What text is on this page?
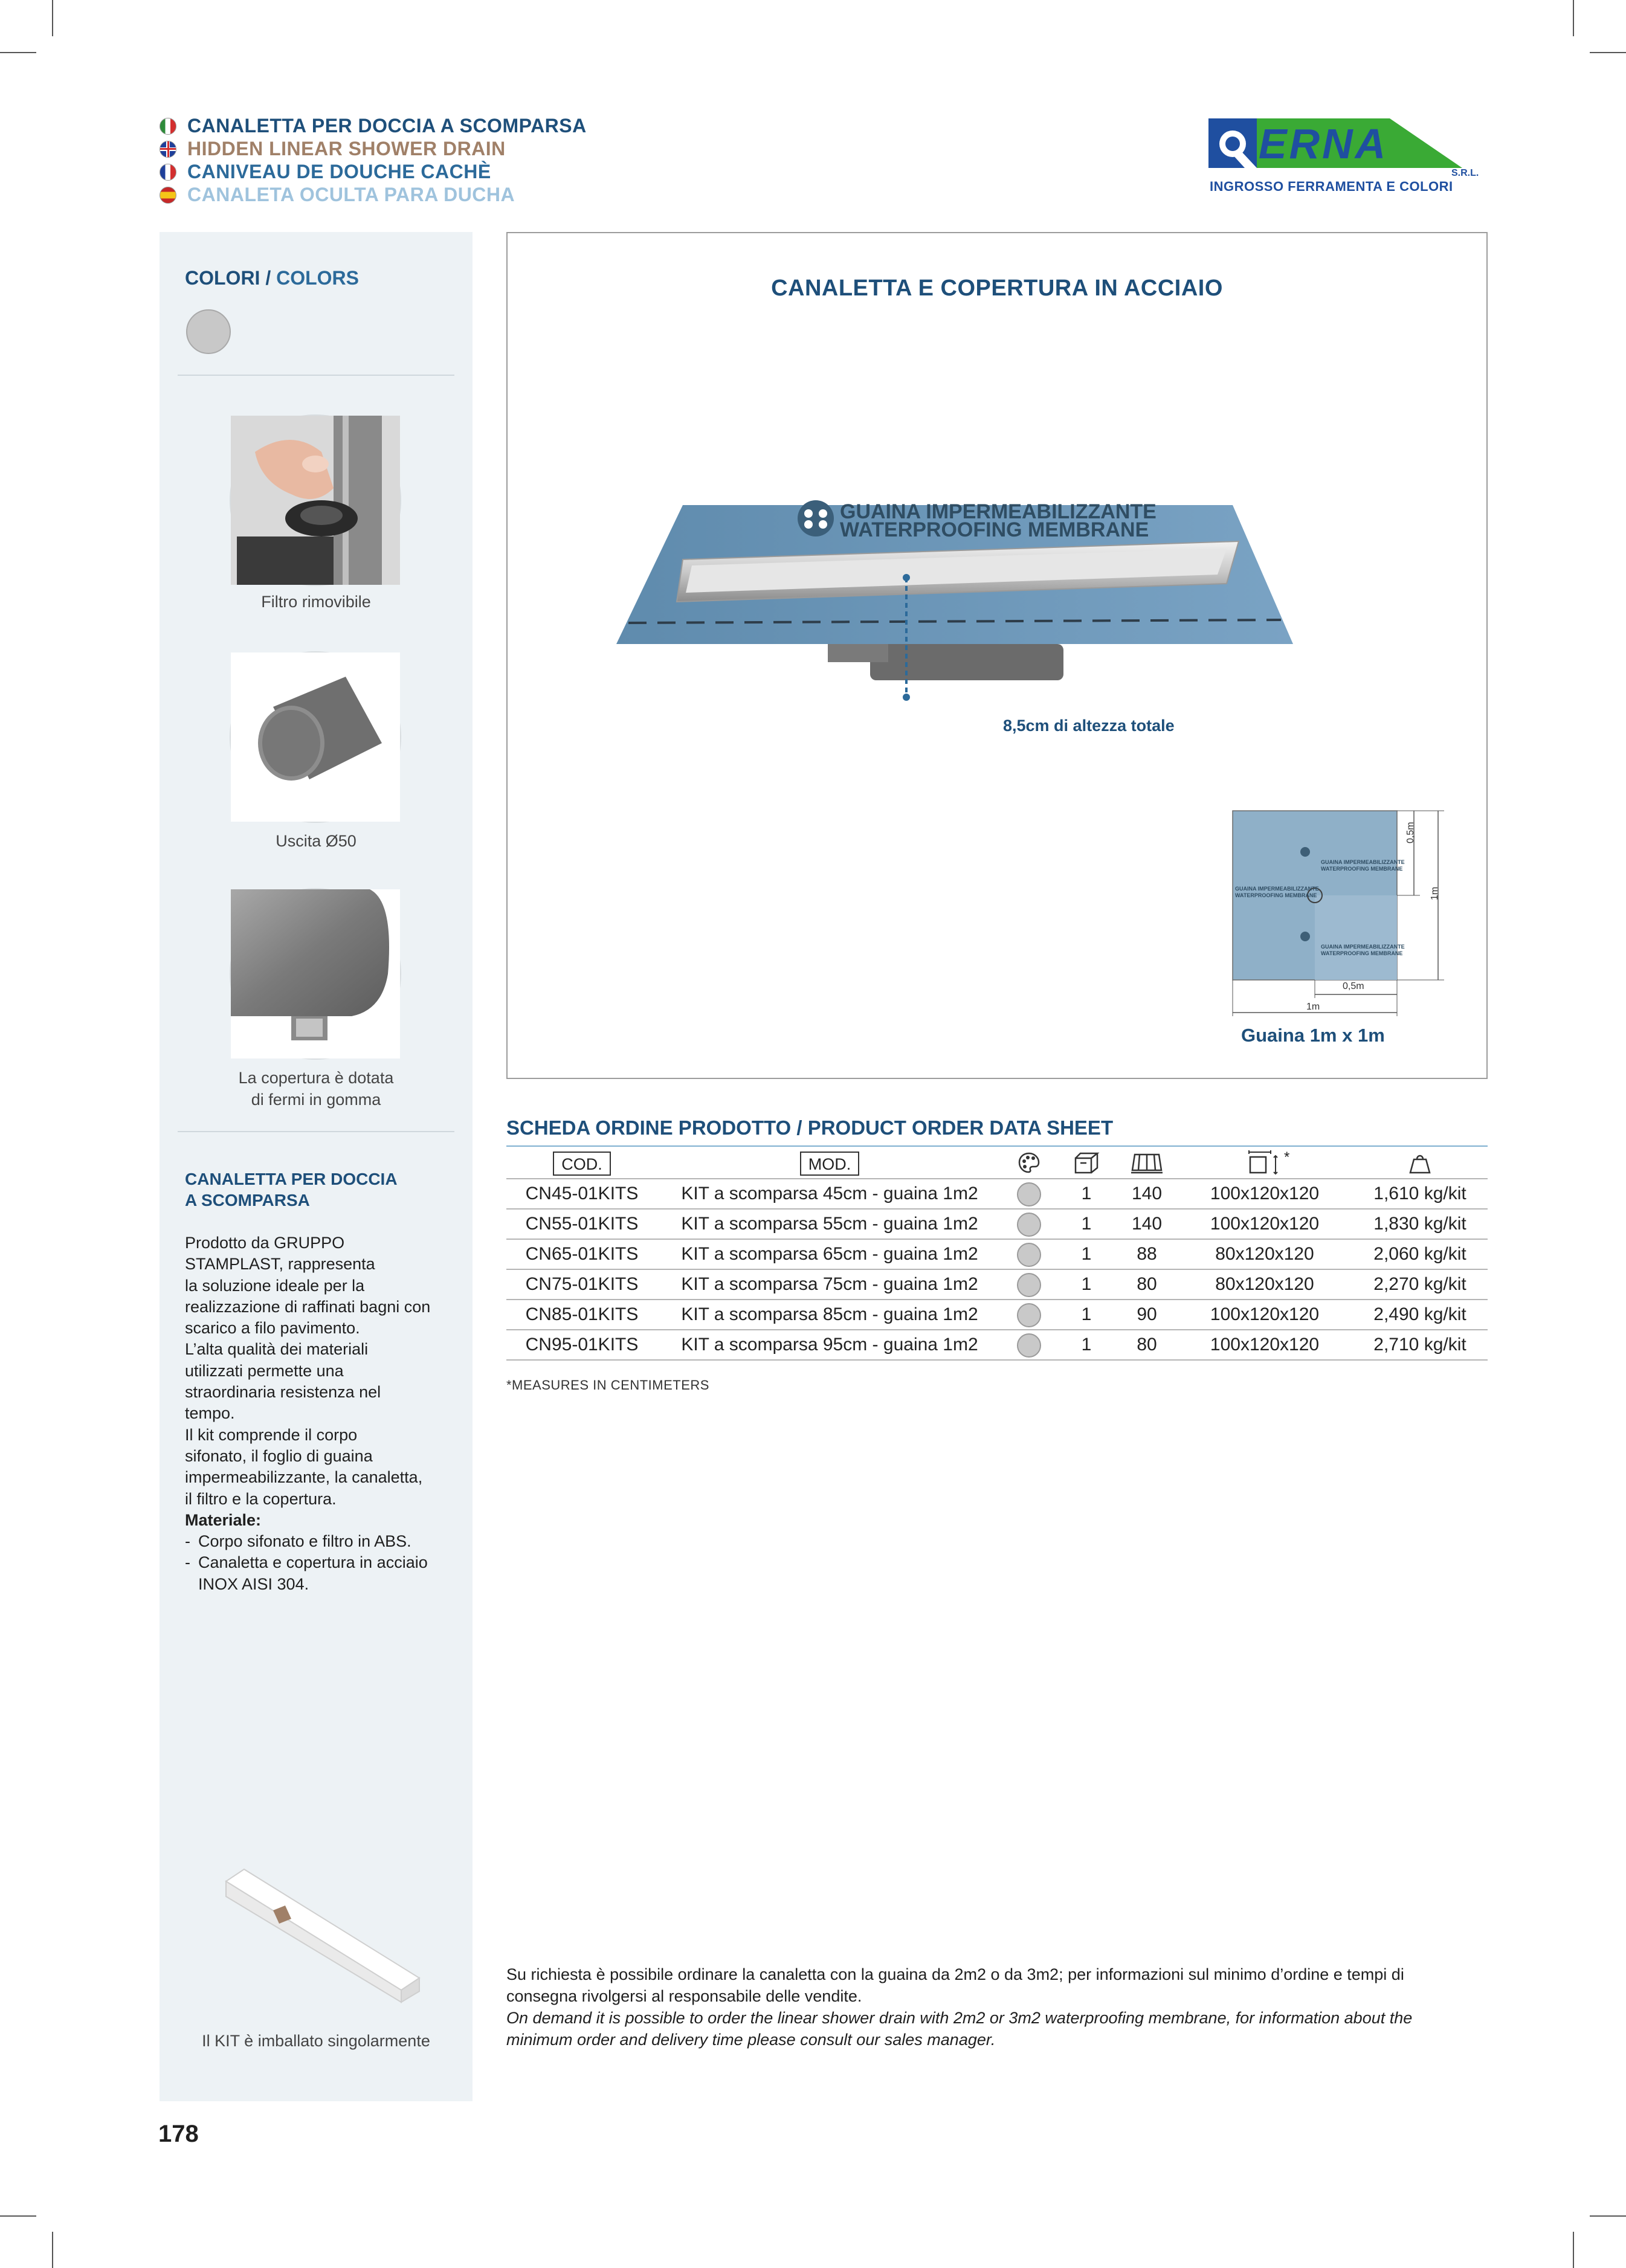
CANALETTA PER DOCCIA A SCOMPARSA
HIDDEN LINEAR SHOWER DRAIN
CANIVEAU DE DOUCHE CACHÈ
CANALETA OCULTA PARA DUCHA
ERNA
S.R.L.
INGROSSO FERRAMENTA E COLORI
COLORI / COLORS
Filtro rimovibile
Uscita Ø50
La copertura è dotata
di fermi in gomma
CANALETTA PER DOCCIA
A SCOMPARSA
Prodotto da GRUPPO
STAMPLAST, rappresenta
la soluzione ideale per la
realizzazione di raffinati bagni con
scarico a filo pavimento.
L’alta qualità dei materiali
utilizzati permette una
straordinaria resistenza nel
tempo.
Il kit comprende il corpo
sifonato, il foglio di guaina
impermeabilizzante, la canaletta,
il filtro e la copertura.
Materiale:
- Corpo sifonato e filtro in ABS.
- Canaletta e copertura in acciaio
INOX AISI 304.
Il KIT è imballato singolarmente
CANALETTA E COPERTURA IN ACCIAIO
GUAINA IMPERMEABILIZZANTE
WATERPROOFING MEMBRANE
8,5cm di altezza totale
GUAINA IMPERMEABILIZZANTE
WATERPROOFING MEMBRANE
GUAINA IMPERMEABILIZZANTE
WATERPROOFING MEMBRANE
GUAINA IMPERMEABILIZZANTE
WATERPROOFING MEMBRANE
0,5m
1m
0,5m
1m
Guaina 1m x 1m
SCHEDA ORDINE PRODOTTO / PRODUCT ORDER DATA SHEET
COD.	MOD.	*
CN45-01KITS	KIT a scomparsa 45cm - guaina 1m2	1	140	100x120x120	1,610 kg/kit
CN55-01KITS	KIT a scomparsa 55cm - guaina 1m2	1	140	100x120x120	1,830 kg/kit
CN65-01KITS	KIT a scomparsa 65cm - guaina 1m2	1	88	80x120x120	2,060 kg/kit
CN75-01KITS	KIT a scomparsa 75cm - guaina 1m2	1	80	80x120x120	2,270 kg/kit
CN85-01KITS	KIT a scomparsa 85cm - guaina 1m2	1	90	100x120x120	2,490 kg/kit
CN95-01KITS	KIT a scomparsa 95cm - guaina 1m2	1	80	100x120x120	2,710 kg/kit
*MEASURES IN CENTIMETERS
Su richiesta è possibile ordinare la canaletta con la guaina da 2m2 o da 3m2; per informazioni sul minimo d’ordine e tempi di
consegna rivolgersi al responsabile delle vendite.
On demand it is possible to order the linear shower drain with 2m2 or 3m2 waterproofing membrane, for information about the
minimum order and delivery time please consult our sales manager.
178
